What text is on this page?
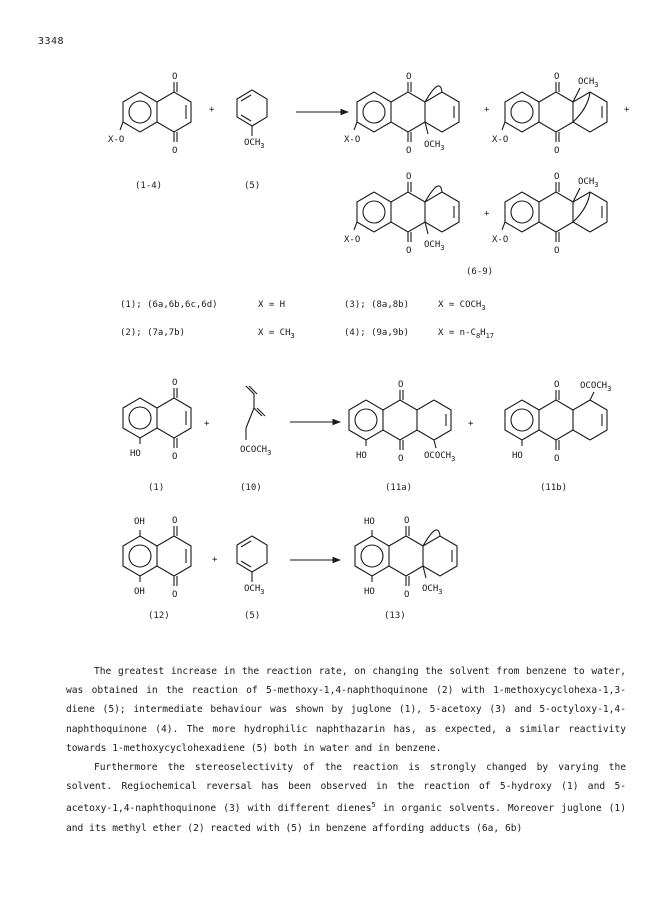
3348
O
O
X-O
(1-4)
+
$OCH_3$
(5)
O
O
X-O	$OCH_3$
+
O
O
X-O
$OCH_3$
+
O
O
X-O	$OCH_3$
+
O
O
X-O
$OCH_3$
(6-9)
O
O
HO
(1)
+
$OCOCH_3$
(10)
O
O
HO	$OCOCH_3$
(11a)
+
O
O
HO
$OCOCH_3$
(11b)
OH	O
OH	O
(12)
+
$OCH_3$
(5)
HO	O
HO	O
$OCH_3$
(13)
(1); (6a,6b,6c,6d)	X = H	(3); (8a,8b)	$X = COCH_3$
(2); (7a,7b)	$X = CH_3$	(4); (9a,9b)	$X = n-C_8H_{17}$

The greatest increase in the reaction rate, on changing the solvent from benzene to water, was obtained in the reaction of 5-methoxy-1,4-naphthoquinone (2) with 1-methoxycyclohexa-1,3-diene (5); intermediate behaviour was shown by juglone (1), 5-acetoxy (3) and 5-octyloxy-1,4-naphthoquinone (4). The more hydrophilic naphthazarin has, as expected, a similar reactivity towards 1-methoxycyclohexadiene (5) both in water and in benzene.

Furthermore the stereoselectivity of the reaction is strongly changed by varying the solvent. Regiochemical reversal has been observed in the reaction of 5-hydroxy (1) and 5-acetoxy-1,4-naphthoquinone (3) with different dienes$^5$ in organic solvents. Moreover juglone (1) and its methyl ether (2) reacted with (5) in benzene affording adducts (6a, 6b)
